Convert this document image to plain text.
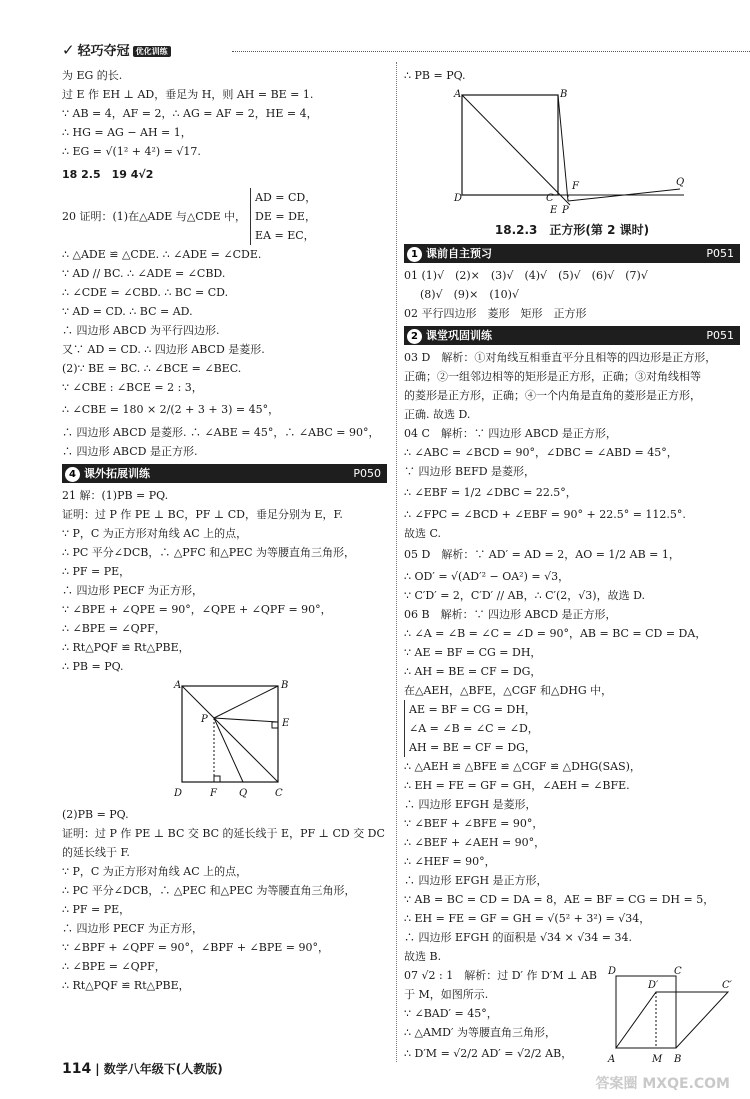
✓ 轻巧夺冠 优化训练
为 EG 的长.
过 E 作 EH ⊥ AD，垂足为 H，则 AH = BE = 1.
∵ AB = 4，AF = 2，∴ AG = AF = 2，HE = 4，
∴ HG = AG − AH = 1，
∴ EG = √(1² + 4²) = √17.
18 2.5　19 4√2
20 证明：(1)在△ADE 与△CDE 中，
AD = CD，
DE = DE，
EA = EC，
∴ △ADE ≌ △CDE. ∴ ∠ADE = ∠CDE.
∵ AD // BC. ∴ ∠ADE = ∠CBD.
∴ ∠CDE = ∠CBD. ∴ BC = CD.
∵ AD = CD. ∴ BC = AD.
∴ 四边形 ABCD 为平行四边形.
又∵ AD = CD. ∴ 四边形 ABCD 是菱形.
(2)∵ BE = BC. ∴ ∠BCE = ∠BEC.
∵ ∠CBE : ∠BCE = 2 : 3，
∴ ∠CBE = 180 × 2/(2 + 3 + 3) = 45°，
∴ 四边形 ABCD 是菱形. ∴ ∠ABE = 45°，∴ ∠ABC = 90°，
∴ 四边形 ABCD 是正方形.
4 课外拓展训练	P050
21 解：(1)PB = PQ.
证明：过 P 作 PE ⊥ BC，PF ⊥ CD，垂足分别为 E，F.
∵ P，C 为正方形对角线 AC 上的点，
∴ PC 平分∠DCB，∴ △PFC 和△PEC 为等腰直角三角形，
∴ PF = PE，
∴ 四边形 PECF 为正方形，
∵ ∠BPE + ∠QPE = 90°，∠QPE + ∠QPF = 90°，
∴ ∠BPE = ∠QPF，
∴ Rt△PQF ≌ Rt△PBE，
∴ PB = PQ.
A	B
P	E
D	F Q	C
(2)PB = PQ.
证明：过 P 作 PE ⊥ BC 交 BC 的延长线于 E，PF ⊥ CD 交 DC
的延长线于 F.
∵ P，C 为正方形对角线 AC 上的点，
∴ PC 平分∠DCB，∴ △PEC 和△PEC 为等腰直角三角形，
∴ PF = PE，
∴ 四边形 PECF 为正方形，
∵ ∠BPF + ∠QPF = 90°，∠BPF + ∠BPE = 90°，
∴ ∠BPE = ∠QPF，
∴ Rt△PQF ≌ Rt△PBE，
∴ PB = PQ.
A	B
F	Q
D	C
E P
18.2.3　正方形(第 2 课时)
1 课前自主预习	P051
01 (1)√　(2)×　(3)√　(4)√　(5)√　(6)√　(7)√
(8)√　(9)×　(10)√
02 平行四边形　菱形　矩形　正方形
2 课堂巩固训练	P051
03 D　解析：①对角线互相垂直平分且相等的四边形是正方形，
正确；②一组邻边相等的矩形是正方形，正确；③对角线相等
的菱形是正方形，正确；④一个内角是直角的菱形是正方形，
正确. 故选 D.
04 C　解析：∵ 四边形 ABCD 是正方形，
∴ ∠ABC = ∠BCD = 90°，∠DBC = ∠ABD = 45°，
∵ 四边形 BEFD 是菱形，
∴ ∠EBF = 1/2 ∠DBC = 22.5°，
∴ ∠FPC = ∠BCD + ∠EBF = 90° + 22.5° = 112.5°.
故选 C.
05 D　解析：∵ AD′ = AD = 2，AO = 1/2 AB = 1，
∴ OD′ = √(AD′² − OA²) = √3，
∵ C′D′ = 2，C′D′ // AB，∴ C′(2，√3)，故选 D.
06 B　解析：∵ 四边形 ABCD 是正方形，
∴ ∠A = ∠B = ∠C = ∠D = 90°，AB = BC = CD = DA，
∵ AE = BF = CG = DH，
∴ AH = BE = CF = DG，
在△AEH，△BFE，△CGF 和△DHG 中，
AE = BF = CG = DH，
∠A = ∠B = ∠C = ∠D，
AH = BE = CF = DG，
∴ △AEH ≌ △BFE ≌ △CGF ≌ △DHG(SAS)，
∴ EH = FE = GF = GH，∠AEH = ∠BFE.
∴ 四边形 EFGH 是菱形，
∵ ∠BEF + ∠BFE = 90°，
∴ ∠BEF + ∠AEH = 90°，
∴ ∠HEF = 90°，
∴ 四边形 EFGH 是正方形，
∵ AB = BC = CD = DA = 8，AE = BF = CG = DH = 5，
∴ EH = FE = GF = GH = √(5² + 3²) = √34，
∴ 四边形 EFGH 的面积是 √34 × √34 = 34.
故选 B.
07 √2 : 1　解析：过 D′ 作 D′M ⊥ AB
于 M，如图所示.
∵ ∠BAD′ = 45°，
∴ △AMD′ 为等腰直角三角形，
∴ D′M = √2/2 AD′ = √2/2 AB，
D	C
D′	C′
A	M B
114 | 数学八年级下(人教版)
答案圈 MXQE.COM
